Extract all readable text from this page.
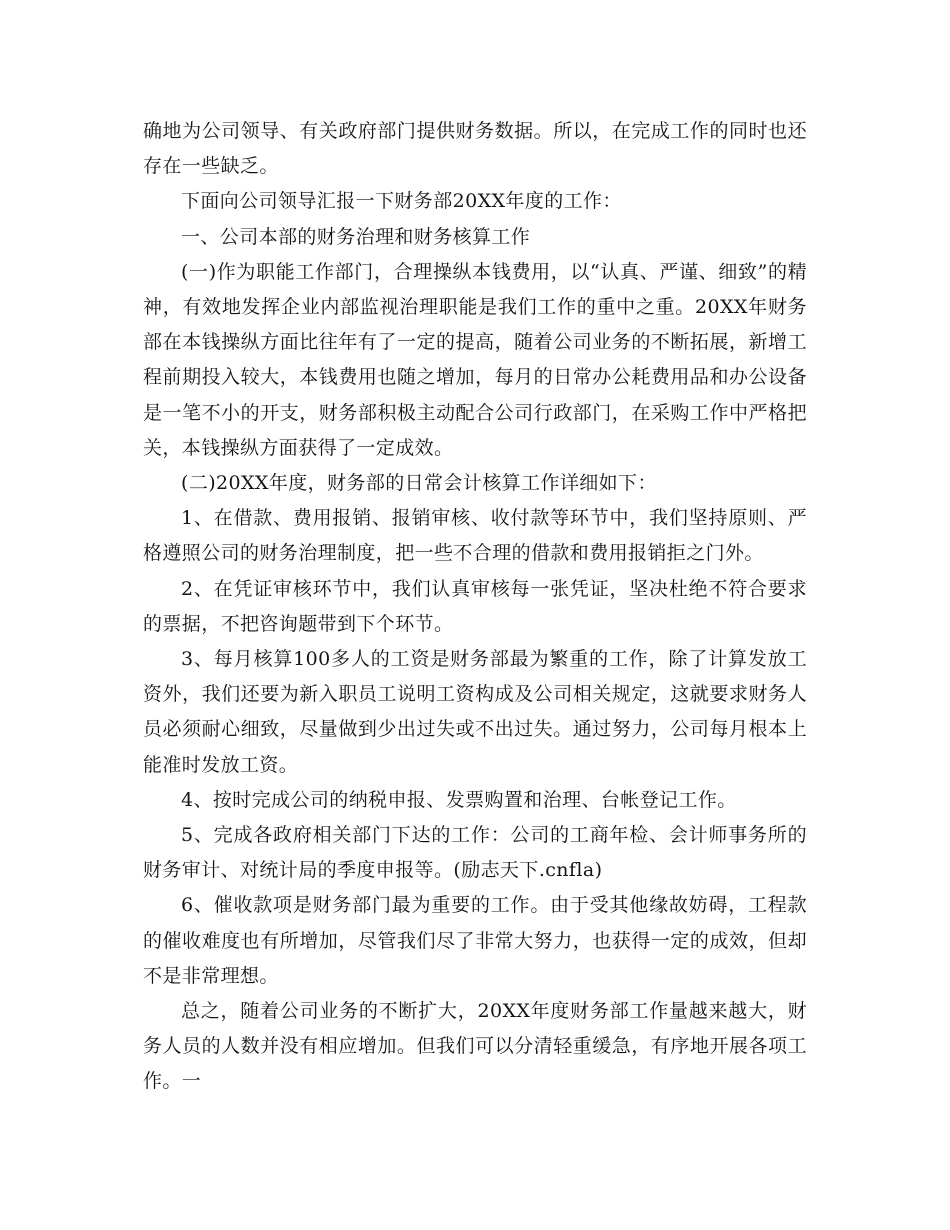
确地为公司领导、有关政府部门提供财务数据。所以，在完成工作的同时也还存在一些缺乏。

下面向公司领导汇报一下财务部20XX年度的工作：

一、公司本部的财务治理和财务核算工作

(一)作为职能工作部门，合理操纵本钱费用，以“认真、严谨、细致”的精神，有效地发挥企业内部监视治理职能是我们工作的重中之重。20XX年财务部在本钱操纵方面比往年有了一定的提高，随着公司业务的不断拓展，新增工程前期投入较大，本钱费用也随之增加，每月的日常办公耗费用品和办公设备是一笔不小的开支，财务部积极主动配合公司行政部门，在采购工作中严格把关，本钱操纵方面获得了一定成效。

(二)20XX年度，财务部的日常会计核算工作详细如下：

1、在借款、费用报销、报销审核、收付款等环节中，我们坚持原则、严格遵照公司的财务治理制度，把一些不合理的借款和费用报销拒之门外。

2、在凭证审核环节中，我们认真审核每一张凭证，坚决杜绝不符合要求的票据，不把咨询题带到下个环节。

3、每月核算100多人的工资是财务部最为繁重的工作，除了计算发放工资外，我们还要为新入职员工说明工资构成及公司相关规定，这就要求财务人员必须耐心细致，尽量做到少出过失或不出过失。通过努力，公司每月根本上能准时发放工资。

4、按时完成公司的纳税申报、发票购置和治理、台帐登记工作。

5、完成各政府相关部门下达的工作：公司的工商年检、会计师事务所的财务审计、对统计局的季度申报等。(励志天下.cnfla)

6、催收款项是财务部门最为重要的工作。由于受其他缘故妨碍，工程款的催收难度也有所增加，尽管我们尽了非常大努力，也获得一定的成效，但却不是非常理想。

总之，随着公司业务的不断扩大，20XX年度财务部工作量越来越大，财务人员的人数并没有相应增加。但我们可以分清轻重缓急，有序地开展各项工作。一
